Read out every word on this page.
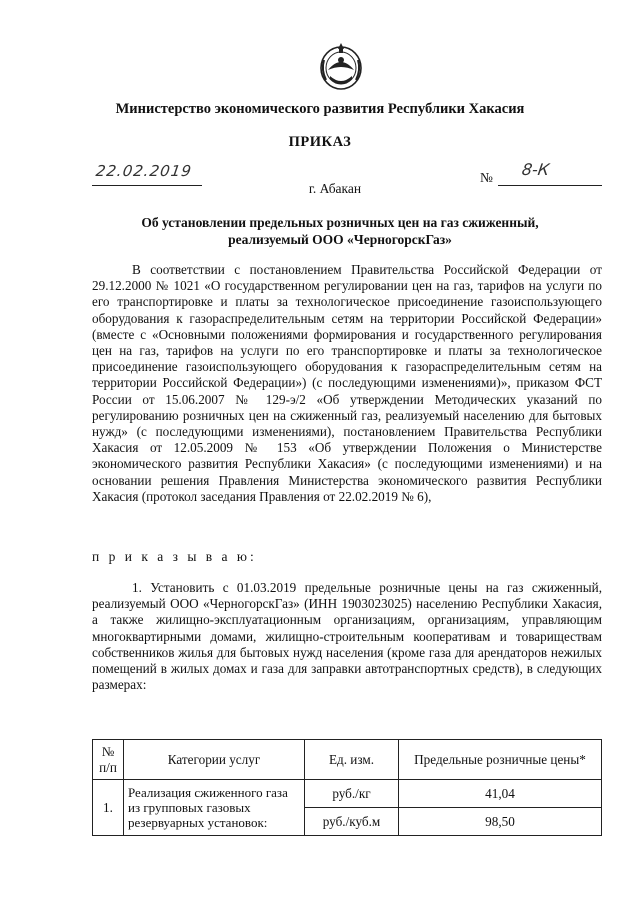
Министерство экономического развития Республики Хакасия
ПРИКАЗ
22.02.2019	№ 8-К
г. Абакан
Об установлении предельных розничных цен на газ сжиженный,
реализуемый ООО «ЧерногорскГаз»
В соответствии с постановлением Правительства Российской Федерации от 29.12.2000 № 1021 «О государственном регулировании цен на газ, тарифов на услуги по его транспортировке и платы за технологическое присоединение газоиспользующего оборудования к газораспределительным сетям на территории Российской Федерации» (вместе с «Основными положениями формирования и государственного регулирования цен на газ, тарифов на услуги по его транспортировке и платы за технологическое присоединение газоиспользующего оборудования к газораспределительным сетям на территории Российской Федерации») (с последующими изменениями)», приказом ФСТ России от 15.06.2007 № 129-э/2 «Об утверждении Методических указаний по регулированию розничных цен на сжиженный газ, реализуемый населению для бытовых нужд» (с последующими изменениями), постановлением Правительства Республики Хакасия от 12.05.2009 № 153 «Об утверждении Положения о Министерстве экономического развития Республики Хакасия» (с последующими изменениями) и на основании решения Правления Министерства экономического развития Республики Хакасия (протокол заседания Правления от 22.02.2019 № 6),
п р и к а з ы в а ю:
1. Установить с 01.03.2019 предельные розничные цены на газ сжиженный, реализуемый ООО «ЧерногорскГаз» (ИНН 1903023025) населению Республики Хакасия, а также жилищно-эксплуатационным организациям, организациям, управляющим многоквартирными домами, жилищно-строительным кооперативам и товариществам собственников жилья для бытовых нужд населения (кроме газа для арендаторов нежилых помещений в жилых домах и газа для заправки автотранспортных средств), в следующих размерах:
№ п/п	Категории услуг	Ед. изм.	Предельные розничные цены*
1.	Реализация сжиженного газа из групповых газовых резервуарных установок:	руб./кг	41,04
		руб./куб.м	98,50
